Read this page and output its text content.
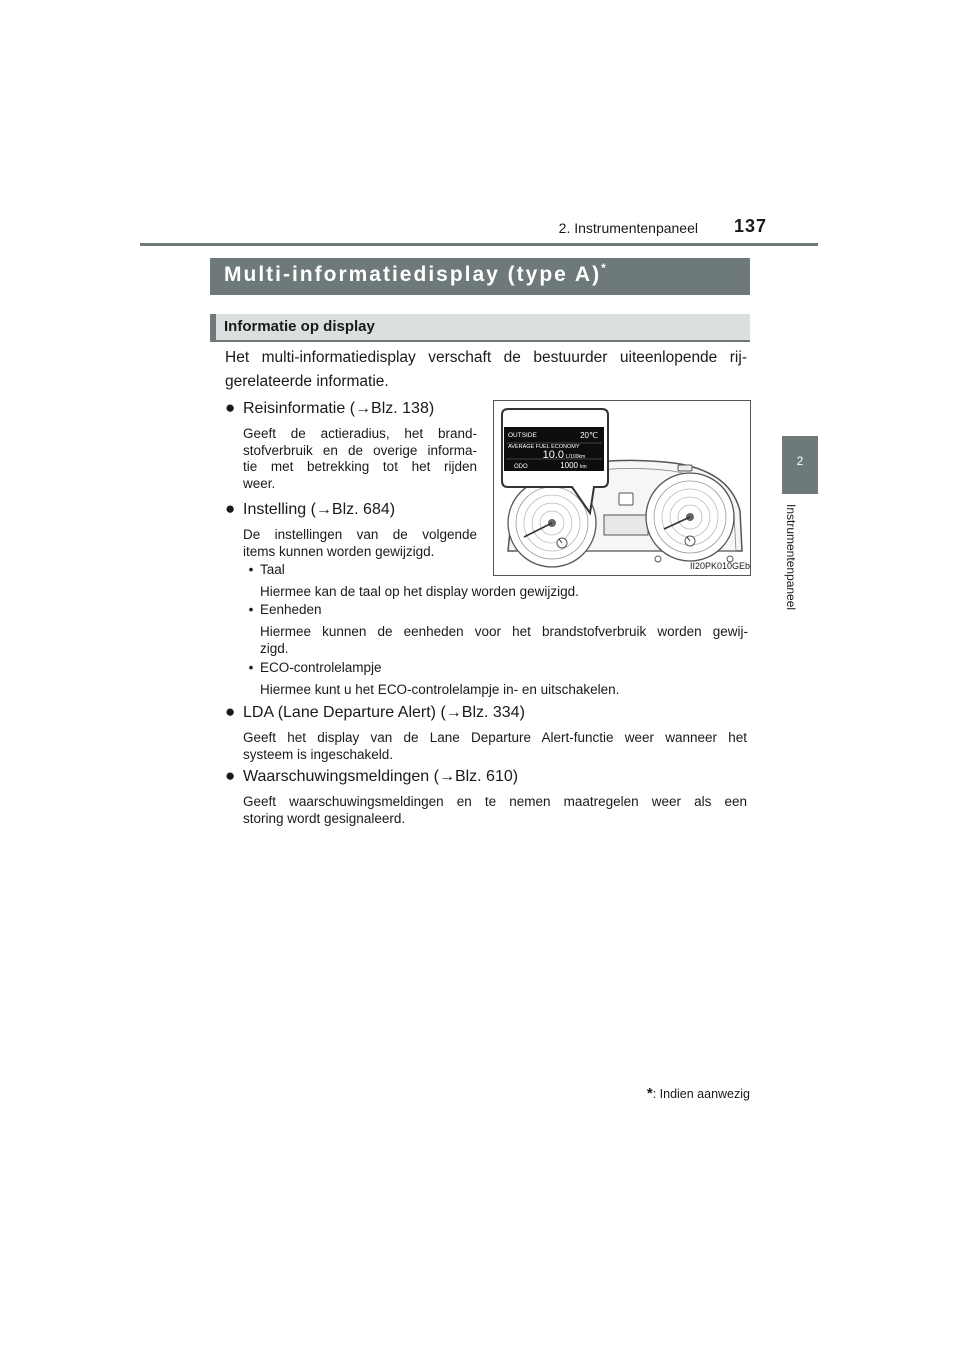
2. Instrumentenpaneel 137
2
Instrumentenpaneel
Multi-informatiedisplay (type A)*
Informatie op display
Het multi-informatiedisplay verschaft de bestuurder uiteenlopende rij-gerelateerde informatie.
● Reisinformatie (→Blz. 138)
Geeft de actieradius, het brand-
stofverbruik en de overige informa-
tie met betrekking tot het rijden
weer.
● Instelling (→Blz. 684)
De instellingen van de volgende
items kunnen worden gewijzigd.
• Taal
Hiermee kan de taal op het display worden gewijzigd.
• Eenheden
Hiermee kunnen de eenheden voor het brandstofverbruik worden gewij-
zigd.
• ECO-controlelampje
Hiermee kunt u het ECO-controlelampje in- en uitschakelen.
● LDA (Lane Departure Alert) (→Blz. 334)
Geeft het display van de Lane Departure Alert-functie weer wanneer het
systeem is ingeschakeld.
● Waarschuwingsmeldingen (→Blz. 610)
Geeft waarschuwingsmeldingen en te nemen maatregelen weer als een
storing wordt gesignaleerd.
OUTSIDE	20℃
AVERAGE FUEL ECONOMY
10.0 L/100km
ODO	1000 km
II20PK010GEb
*: Indien aanwezig
